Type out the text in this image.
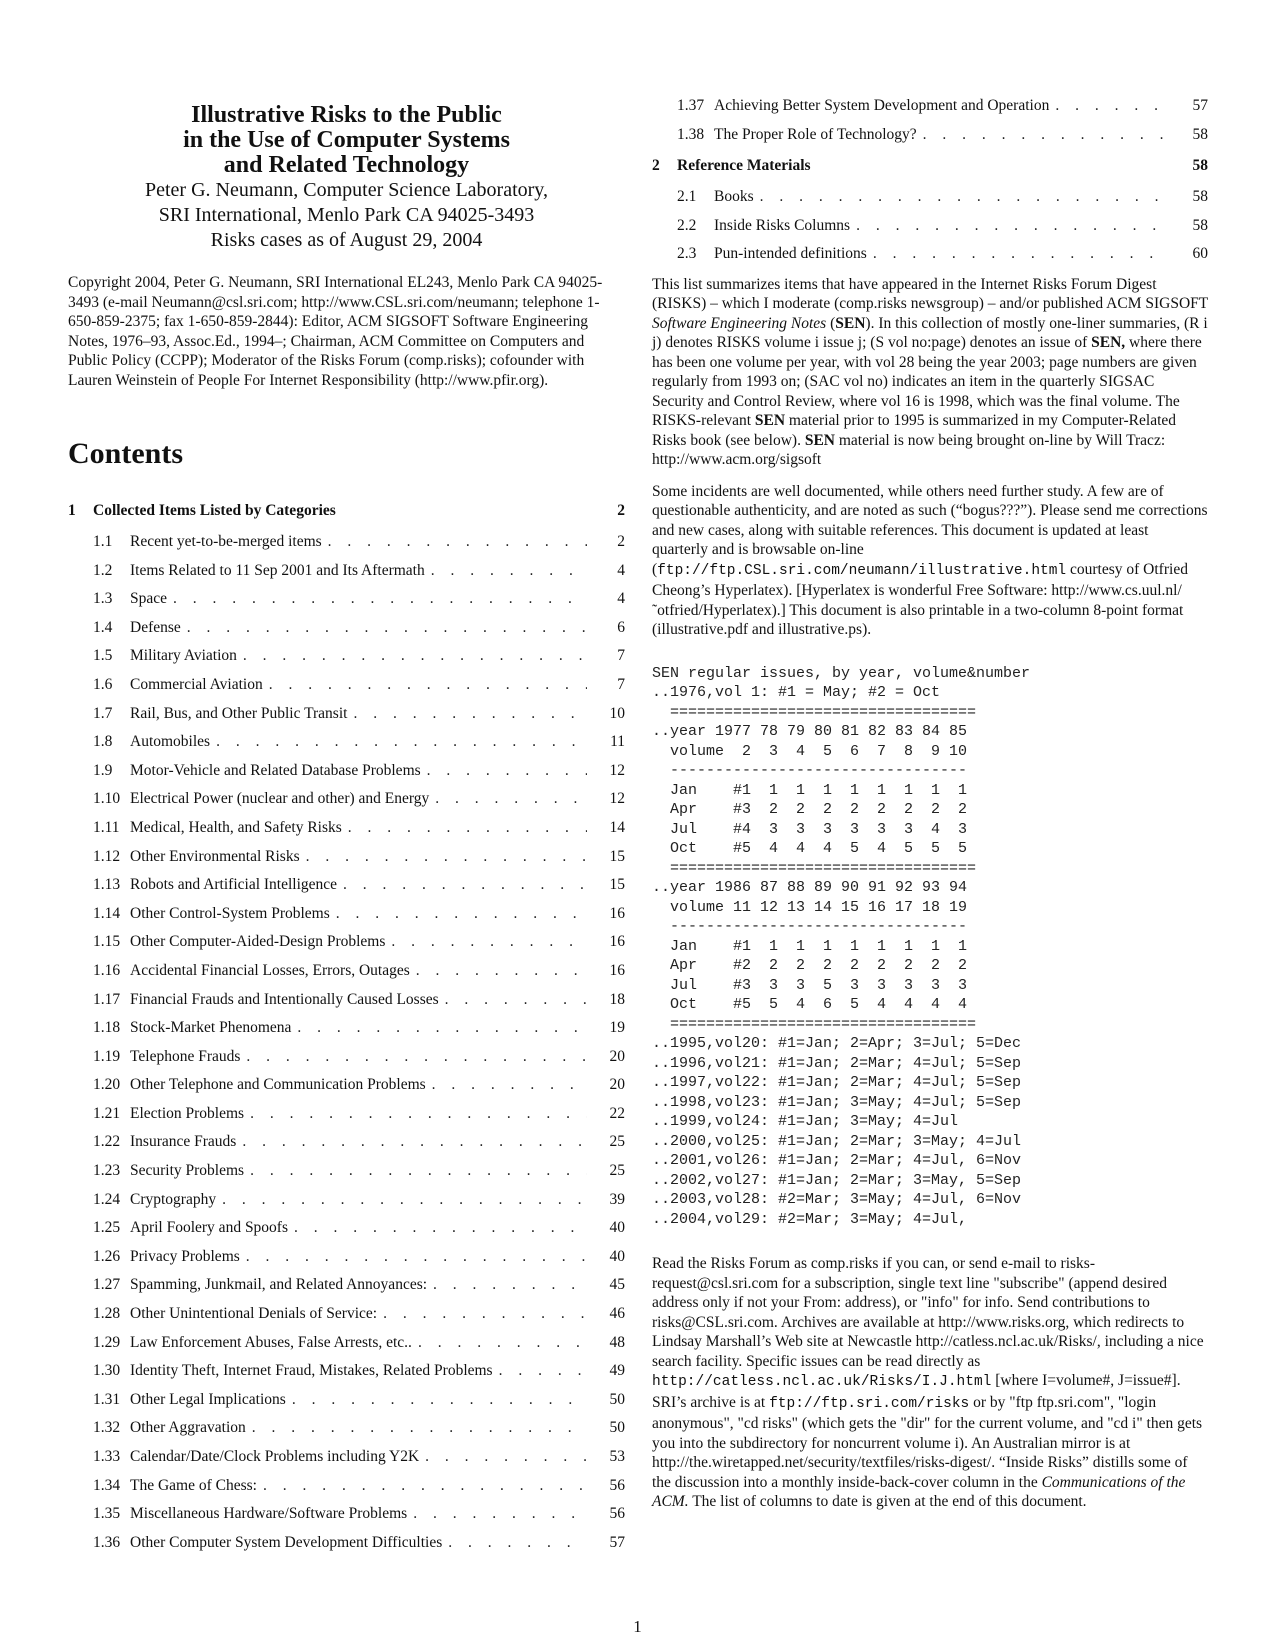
Illustrative Risks to the Public
in the Use of Computer Systems
and Related Technology
Peter G. Neumann, Computer Science Laboratory,
SRI International, Menlo Park CA 94025-3493
Risks cases as of August 29, 2004
Copyright 2004, Peter G. Neumann, SRI International EL243, Menlo Park CA 94025-3493 (e-mail Neumann@csl.sri.com; http://www.CSL.sri.com/neumann; telephone 1-650-859-2375; fax 1-650-859-2844): Editor, ACM SIGSOFT Software Engineering Notes, 1976–93, Assoc.Ed., 1994–; Chairman, ACM Committee on Computers and Public Policy (CCPP); Moderator of the Risks Forum (comp.risks); cofounder with Lauren Weinstein of People For Internet Responsibility (http://www.pfir.org).
Contents
1	Collected Items Listed by Categories	2
1.1	Recent yet-to-be-merged items . . .	2
1.2	Items Related to 11 Sep 2001 and Its Aftermath . . .	4
1.3	Space . . .	4
1.4	Defense . . .	6
1.5	Military Aviation . . .	7
1.6	Commercial Aviation . . .	7
1.7	Rail, Bus, and Other Public Transit . . .	10
1.8	Automobiles . . .	11
1.9	Motor-Vehicle and Related Database Problems . . .	12
1.10 Electrical Power (nuclear and other) and Energy . . .	12
1.11 Medical, Health, and Safety Risks . . .	14
1.12 Other Environmental Risks . . .	15
1.13 Robots and Artificial Intelligence . . .	15
1.14 Other Control-System Problems . . .	16
1.15 Other Computer-Aided-Design Problems . . .	16
1.16 Accidental Financial Losses, Errors, Outages . . .	16
1.17 Financial Frauds and Intentionally Caused Losses . . .	18
1.18 Stock-Market Phenomena . . .	19
1.19 Telephone Frauds . . .	20
1.20 Other Telephone and Communication Problems . . .	20
1.21 Election Problems . . .	22
1.22 Insurance Frauds . . .	25
1.23 Security Problems . . .	25
1.24 Cryptography . . .	39
1.25 April Foolery and Spoofs . . .	40
1.26 Privacy Problems . . .	40
1.27 Spamming, Junkmail, and Related Annoyances: . . .	45
1.28 Other Unintentional Denials of Service: . . .	46
1.29 Law Enforcement Abuses, False Arrests, etc.. . . .	48
1.30 Identity Theft, Internet Fraud, Mistakes, Related Problems . . .	49
1.31 Other Legal Implications . . .	50
1.32 Other Aggravation . . .	50
1.33 Calendar/Date/Clock Problems including Y2K . . .	53
1.34 The Game of Chess: . . .	56
1.35 Miscellaneous Hardware/Software Problems . . .	56
1.36 Other Computer System Development Difficulties . . .	57
1.37 Achieving Better System Development and Operation . . .	57
1.38 The Proper Role of Technology? . . .	58
2	Reference Materials	58
2.1	Books . . .	58
2.2	Inside Risks Columns . . .	58
2.3	Pun-intended definitions . . .	60

This list summarizes items that have appeared in the Internet Risks Forum Digest (RISKS) – which I moderate (comp.risks newsgroup) – and/or published ACM SIGSOFT Software Engineering Notes (SEN). In this collection of mostly one-liner summaries, (R i j) denotes RISKS volume i issue j; (S vol no:page) denotes an issue of SEN, where there has been one volume per year, with vol 28 being the year 2003; page numbers are given regularly from 1993 on; (SAC vol no) indicates an item in the quarterly SIGSAC Security and Control Review, where vol 16 is 1998, which was the final volume. The RISKS-relevant SEN material prior to 1995 is summarized in my Computer-Related Risks book (see below). SEN material is now being brought on-line by Will Tracz: http://www.acm.org/sigsoft

Some incidents are well documented, while others need further study. A few are of questionable authenticity, and are noted as such (“bogus???”). Please send me corrections and new cases, along with suitable references. This document is updated at least quarterly and is browsable on-line (ftp://ftp.CSL.sri.com/neumann/illustrative.html courtesy of Otfried Cheong’s Hyperlatex). [Hyperlatex is wonderful Free Software: http://www.cs.uul.nl/˜otfried/Hyperlatex).] This document is also printable in a two-column 8-point format (illustrative.pdf and illustrative.ps).

SEN regular issues, by year, volume&number
..1976,vol 1: #1 = May; #2 = Oct
==================================
..year 1977 78 79 80 81 82 83 84 85
volume  2  3  4  5  6  7  8  9 10
---------------------------------
Jan    #1  1  1  1  1  1  1  1  1
Apr    #3  2  2  2  2  2  2  2  2
Jul    #4  3  3  3  3  3  3  4  3
Oct    #5  4  4  4  5  4  5  5  5
==================================
..year 1986 87 88 89 90 91 92 93 94
volume 11 12 13 14 15 16 17 18 19
---------------------------------
Jan    #1  1  1  1  1  1  1  1  1
Apr    #2  2  2  2  2  2  2  2  2
Jul    #3  3  3  5  3  3  3  3  3
Oct    #5  5  4  6  5  4  4  4  4
==================================
..1995,vol20: #1=Jan; 2=Apr; 3=Jul; 5=Dec
..1996,vol21: #1=Jan; 2=Mar; 4=Jul; 5=Sep
..1997,vol22: #1=Jan; 2=Mar; 4=Jul; 5=Sep
..1998,vol23: #1=Jan; 3=May; 4=Jul; 5=Sep
..1999,vol24: #1=Jan; 3=May; 4=Jul
..2000,vol25: #1=Jan; 2=Mar; 3=May; 4=Jul
..2001,vol26: #1=Jan; 2=Mar; 4=Jul, 6=Nov
..2002,vol27: #1=Jan; 2=Mar; 3=May, 5=Sep
..2003,vol28: #2=Mar; 3=May; 4=Jul, 6=Nov
..2004,vol29: #2=Mar; 3=May; 4=Jul,

Read the Risks Forum as comp.risks if you can, or send e-mail to risks-request@csl.sri.com for a subscription, single text line "subscribe" (append desired address only if not your From: address), or "info" for info. Send contributions to risks@CSL.sri.com. Archives are available at http://www.risks.org, which redirects to Lindsay Marshall’s Web site at Newcastle http://catless.ncl.ac.uk/Risks/, including a nice search facility. Specific issues can be read directly as http://catless.ncl.ac.uk/Risks/I.J.html [where I=volume#, J=issue#]. SRI’s archive is at ftp://ftp.sri.com/risks or by "ftp ftp.sri.com", "login anonymous", "cd risks" (which gets the "dir" for the current volume, and "cd i" then gets you into the subdirectory for noncurrent volume i). An Australian mirror is at http://the.wiretapped.net/security/textfiles/risks-digest/. “Inside Risks” distills some of the discussion into a monthly inside-back-cover column in the Communications of the ACM. The list of columns to date is given at the end of this document.

1
